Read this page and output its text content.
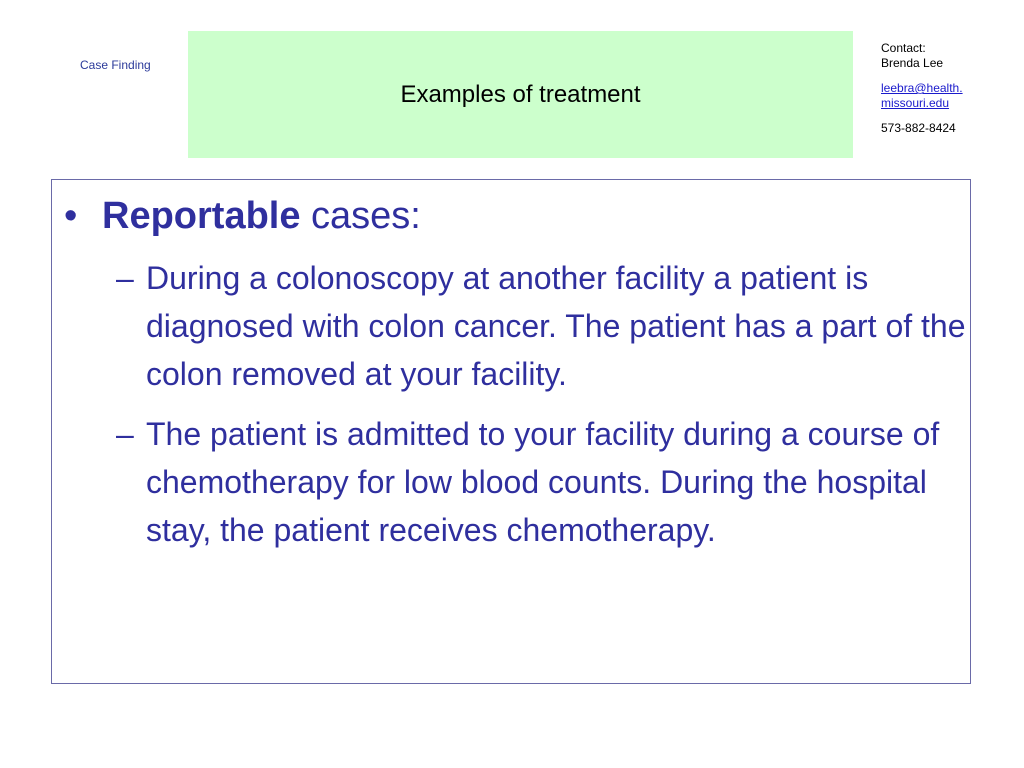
Case Finding
Examples of treatment
Contact:
Brenda Lee
leebra@health.
missouri.edu
573-882-8424
• Reportable cases:
– During a colonoscopy at another facility a patient is diagnosed with colon cancer. The patient has a part of the colon removed at your facility.
– The patient is admitted to your facility during a course of chemotherapy for low blood counts. During the hospital stay, the patient receives chemotherapy.
